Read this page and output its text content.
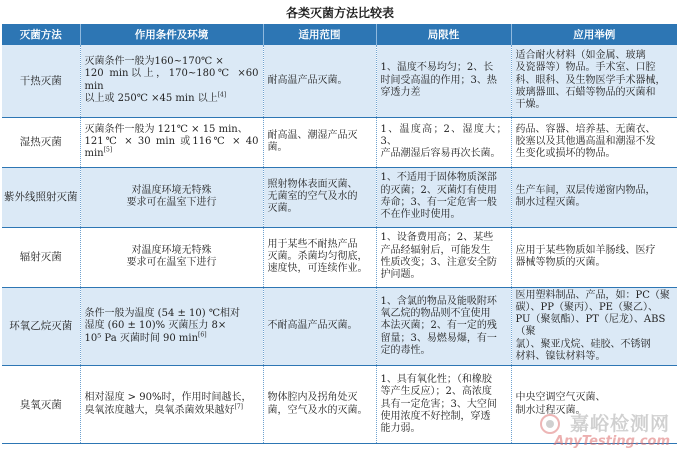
各类灭菌方法比较表
灭菌方法	作用条件及环境	适用范围	局限性	应用举例
干热灭菌	灭菌条件一般为160~170℃ ×
120 min以上，170~180℃ ×60 min
以上或 250℃ ×45 min 以上[4]	耐高温产品灭菌。	1、温度不易均匀；2、长
时间受高温的作用；3、热
穿透力差	适合耐火材料（如金属、玻璃
及瓷器等）物品。手术室、口腔
科、眼科、及生物医学手术器械，
玻璃器皿、石蜡等物品的灭菌和
干燥。

湿热灭菌	灭菌条件一般为 121℃ × 15 min、
121℃ × 30 min 或116℃ × 40 min[5]	耐高温、潮湿产品灭
菌。	1、温度高；2、湿度大；3、
产品潮湿后容易再次长菌。	药品、容器、培养基、无菌衣、
胶塞以及其他遇高温和潮湿不发
生变化或损坏的物品。

紫外线照射灭菌	对温度环境无特殊
要求可在温室下进行	照射物体表面灭菌、
无菌室的空气及水的
灭菌。	1、不适用于固体物质深部
的灭菌；2、灭菌灯有使用
寿命；3、有一定危害一般
不在作业时使用。	生产车间，双层传递窗内物品，
制水过程灭菌。

辐射灭菌	对温度环境无特殊
要求可在温室下进行	用于某些不耐热产品
灭菌。杀菌均匀彻底，
速度快，可连续作业。	1、设备费用高；2、某些
产品经辐射后，可能发生
性质改变；3、注意安全防
护问题。	应用于某些物质如羊肠线、医疗
器械等物质的灭菌。

环氧乙烷灭菌	条件一般为温度 (54 ± 10) ℃相对
湿度 (60 ± 10)% 灭菌压力 8×
10⁵ Pa 灭菌时间 90 min[6]	不耐高温产品灭菌。	1、含氯的物品及能吸附环
氧乙烷的物品则不宜使用
本法灭菌；2、有一定的残
留量；3、易燃易爆，有一
定的毒性。	医用塑料制品、产品，如：PC（聚
碳）、PP（聚丙）、PE（聚乙）、
PU（聚氨酯）、PT（尼龙）、ABS（聚
氯）、聚亚戊烷、硅胶、不锈钢
材料、镍钛材料等。

臭氧灭菌	相对湿度 > 90%时，作用时间越长，
臭氧浓度越大，臭氧杀菌效果越好[7]	物体腔内及拐角处灭
菌，空气及水的灭菌。	1、具有氧化性；（和橡胶
等产生反应）；2、高浓度
具有一定危害；3、大空间
使用浓度不好控制，穿透
能力弱。	中央空调空气灭菌、
制水过程灭菌。
嘉峪检测网
AnyTesting.com
